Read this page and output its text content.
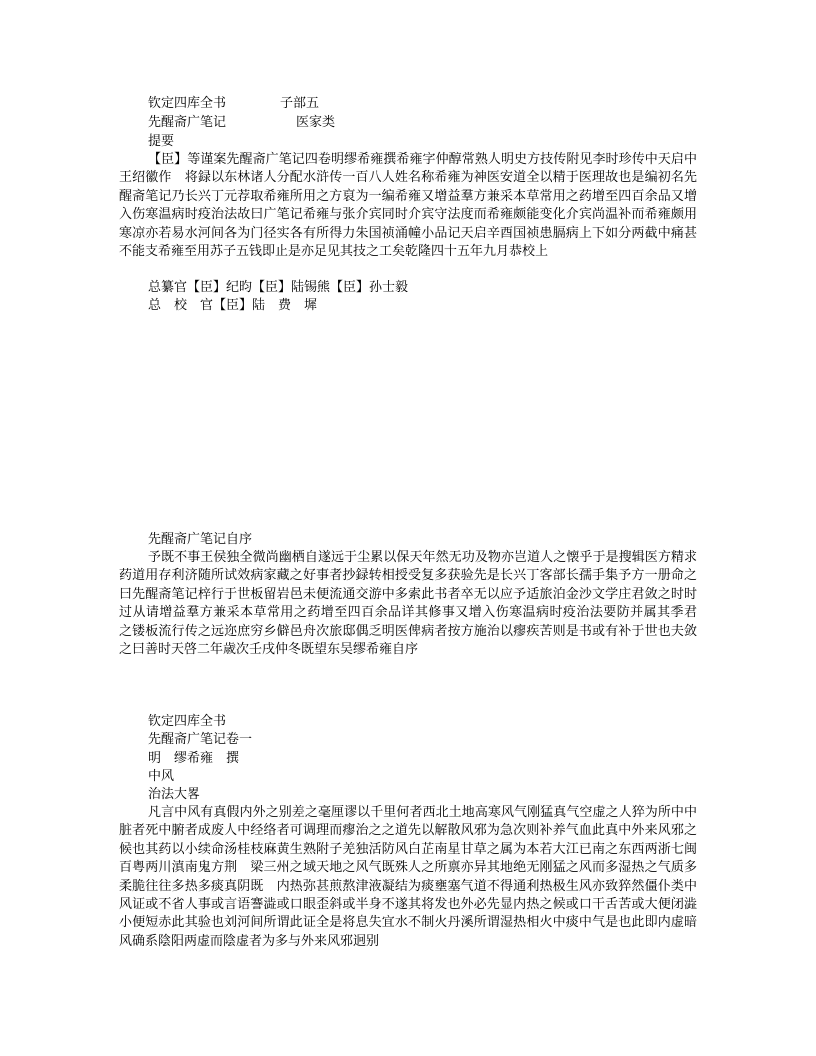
钦定四库全书	子部五
先醒斋广笔记	医家类
提要
【臣】等谨案先醒斋广笔记四卷明缪希雍撰希雍字仲醇常熟人明史方技传附见李时珍传中天启中王绍徽作　将録以东林诸人分配水浒传一百八人姓名称希雍为神医安道全以精于医理故也是编初名先醒斋笔记乃长兴丁元荐取希雍所用之方裒为一编希雍又增益羣方兼采本草常用之药增至四百余品又增入伤寒温病时疫治法故曰广笔记希雍与张介宾同时介宾守法度而希雍颇能变化介宾尚温补而希雍颇用寒凉亦若易水河间各为门径实各有所得力朱国祯涌幢小品记天启辛酉国祯患膈病上下如分两截中痛甚不能支希雍至用苏子五钱即止是亦足见其技之工矣乾隆四十五年九月恭校上
总纂官【臣】纪昀【臣】陆锡熊【臣】孙士毅
总　校　官【臣】陆　费　墀
先醒斋广笔记自序
予既不事王侯独全微尚幽栖自遂远于尘累以保天年然无功及物亦岂道人之懐乎于是搜辑医方精求药道用存利济随所试效病家藏之好事者抄録转相授受复多获验先是长兴丁客部长孺手集予方一册命之曰先醒斋笔记梓行于世板留岩邑未便流通交游中多索此书者卒无以应予适旅泊金沙文学庄君敛之时时过从请增益羣方兼采本草常用之药增至四百余品详其修事又增入伤寒温病时疫治法要防并属其季君　之镂板流行传之远迩庶穷乡僻邑舟次旅邸偶乏明医俾病者按方施治以瘳疾苦则是书或有补于世也夫敛之曰善时天啓二年歳次壬戌仲冬既望东吴缪希雍自序
钦定四库全书
先醒斋广笔记卷一
明　缪希雍　撰
中风
治法大畧
凡言中风有真假内外之别差之毫厘谬以千里何者西北土地高寒风气刚猛真气空虚之人猝为所中中脏者死中腑者成废人中经络者可调理而瘳治之之道先以解散风邪为急次则补养气血此真中外来风邪之候也其药以小续命汤桂枝麻黄生熟附子羌独活防风白芷南星甘草之属为本若大江已南之东西两浙七闽百粤两川滇南鬼方荆　梁三州之域天地之风气既殊人之所禀亦异其地绝无刚猛之风而多湿热之气质多柔脆往往多热多痰真阴既　内热弥甚煎熬津液凝结为痰壅塞气道不得通利热极生风亦致猝然僵仆类中风证或不省人事或言语謇澁或口眼歪斜或半身不遂其将发也外必先显内热之候或口干舌苦或大便闭澁小便短赤此其验也刘河间所谓此证全是将息失宜水不制火丹溪所谓湿热相火中痰中气是也此即内虚暗风确系陰阳两虚而陰虚者为多与外来风邪迥别
